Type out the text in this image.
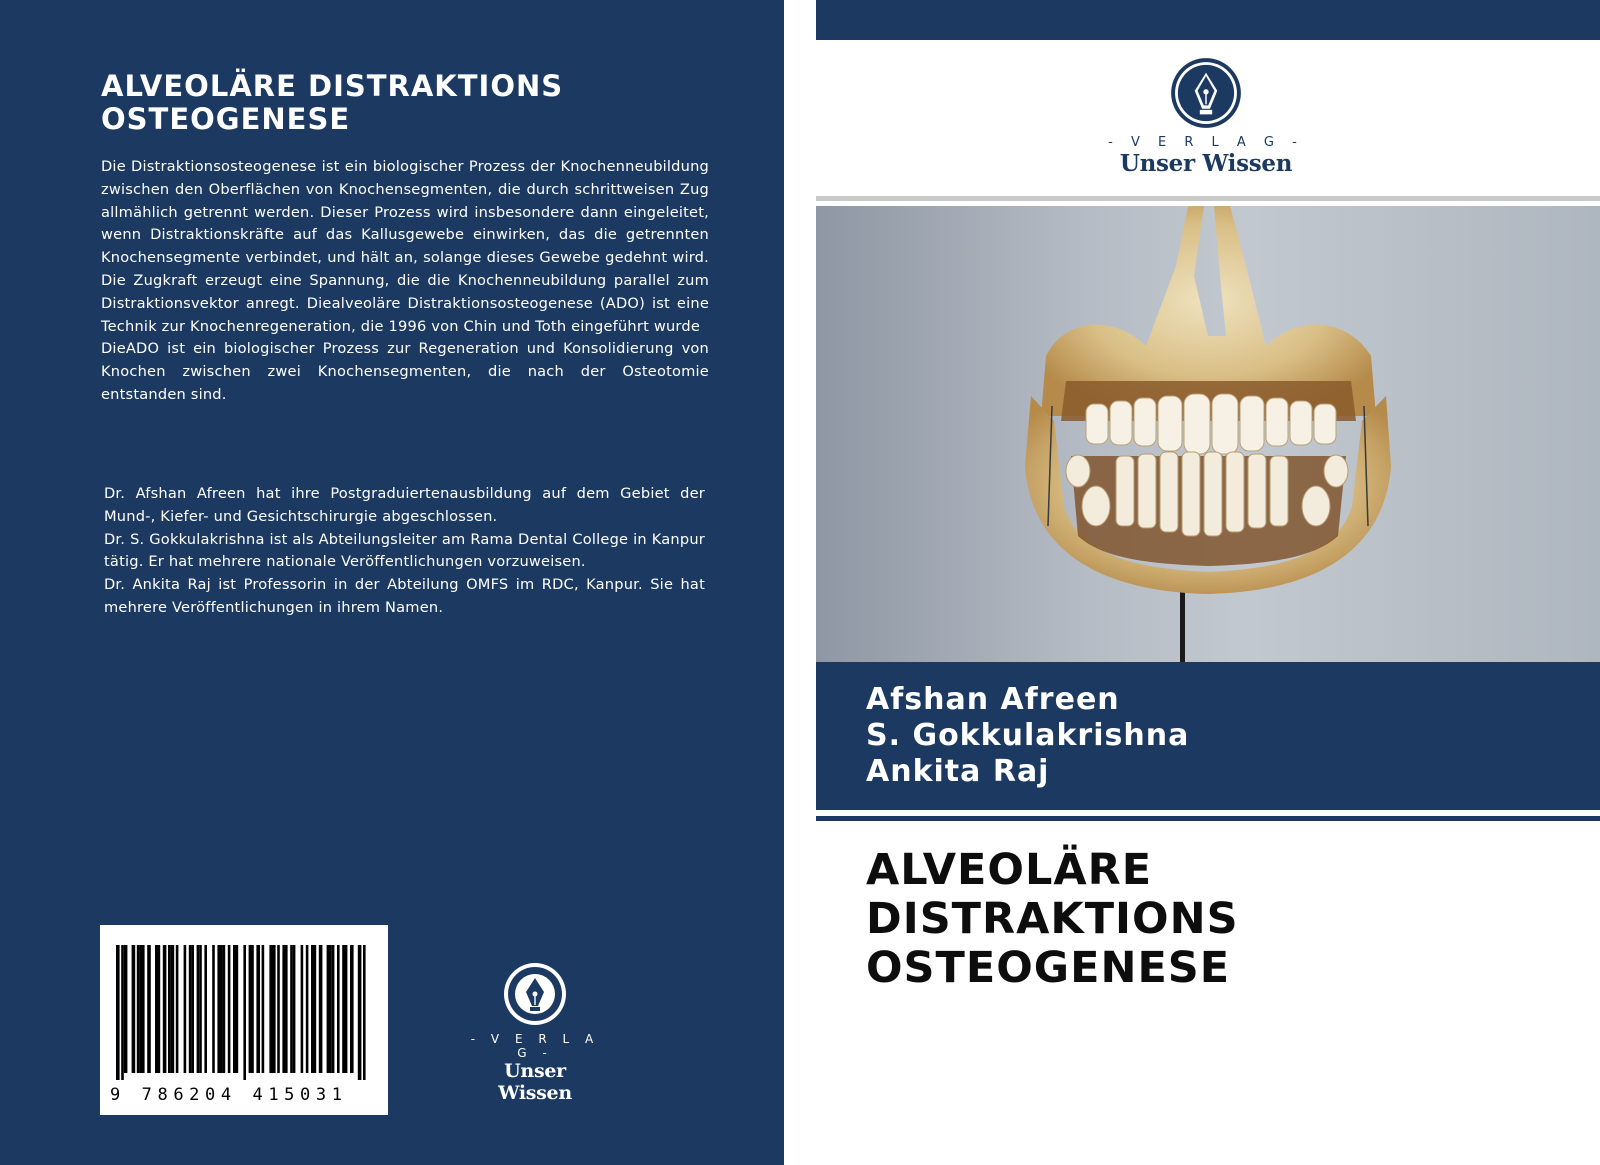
ALVEOLÄRE DISTRAKTIONS
OSTEOGENESE

Die Distraktionsosteogenese ist ein biologischer Prozess der Knochenneubildung zwischen den Oberflächen von Knochensegmenten, die durch schrittweisen Zug allmählich getrennt werden. Dieser Prozess wird insbesondere dann eingeleitet, wenn Distraktionskräfte auf das Kallusgewebe einwirken, das die getrennten Knochensegmente verbindet, und hält an, solange dieses Gewebe gedehnt wird. Die Zugkraft erzeugt eine Spannung, die die Knochenneubildung parallel zum Distraktionsvektor anregt. Diealveoläre Distraktionsosteogenese (ADO) ist eine Technik zur Knochenregeneration, die 1996 von Chin und Toth eingeführt wurde

DieADO ist ein biologischer Prozess zur Regeneration und Konsolidierung von Knochen zwischen zwei Knochensegmenten, die nach der Osteotomie entstanden sind.

Dr. Afshan Afreen hat ihre Postgraduiertenausbildung auf dem Gebiet der Mund-, Kiefer- und Gesichtschirurgie abgeschlossen.

Dr. S. Gokkulakrishna ist als Abteilungsleiter am Rama Dental College in Kanpur tätig. Er hat mehrere nationale Veröffentlichungen vorzuweisen.

Dr. Ankita Raj ist Professorin in der Abteilung OMFS im RDC, Kanpur. Sie hat mehrere Veröffentlichungen in ihrem Namen.

9 786204 415031
- V E R L A G -
Unser Wissen
- V E R L A G -
Unser Wissen
Afshan Afreen
S. Gokkulakrishna
Ankita Raj
ALVEOLÄRE
DISTRAKTIONS
OSTEOGENESE
